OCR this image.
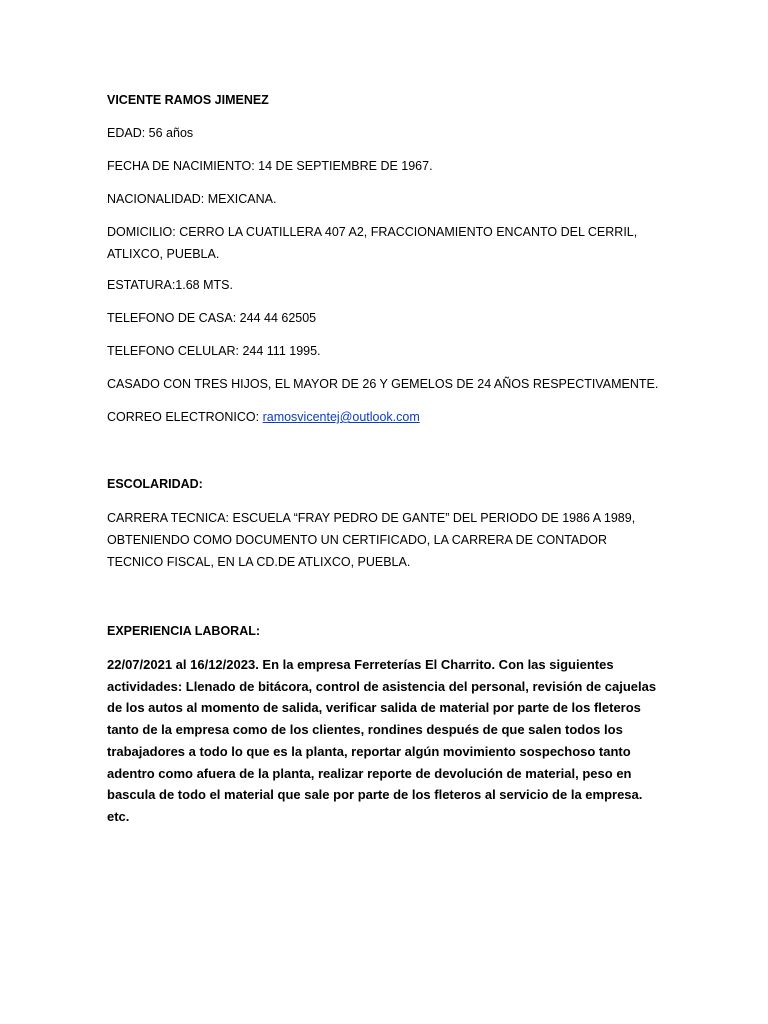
VICENTE RAMOS JIMENEZ

EDAD: 56 años

FECHA DE NACIMIENTO: 14 DE SEPTIEMBRE DE 1967.

NACIONALIDAD: MEXICANA.

DOMICILIO: CERRO LA CUATILLERA 407 A2, FRACCIONAMIENTO ENCANTO DEL CERRIL, ATLIXCO, PUEBLA.

ESTATURA:1.68 MTS.

TELEFONO DE CASA: 244 44 62505

TELEFONO CELULAR: 244 111 1995.

CASADO CON TRES HIJOS, EL MAYOR DE 26 Y GEMELOS DE 24 AÑOS RESPECTIVAMENTE.

CORREO ELECTRONICO: ramosvicentej@outlook.com

ESCOLARIDAD:

CARRERA TECNICA: ESCUELA “FRAY PEDRO DE GANTE” DEL PERIODO DE 1986 A 1989, OBTENIENDO COMO DOCUMENTO UN CERTIFICADO, LA CARRERA DE CONTADOR TECNICO FISCAL, EN LA CD.DE ATLIXCO, PUEBLA.

EXPERIENCIA LABORAL:

22/07/2021 al 16/12/2023. En la empresa Ferreterías El Charrito. Con las siguientes actividades: Llenado de bitácora, control de asistencia del personal, revisión de cajuelas de los autos al momento de salida, verificar salida de material por parte de los fleteros tanto de la empresa como de los clientes, rondines después de que salen todos los trabajadores a todo lo que es la planta, reportar algún movimiento sospechoso tanto adentro como afuera de la planta, realizar reporte de devolución de material, peso en bascula de todo el material que sale por parte de los fleteros al servicio de la empresa. etc.
